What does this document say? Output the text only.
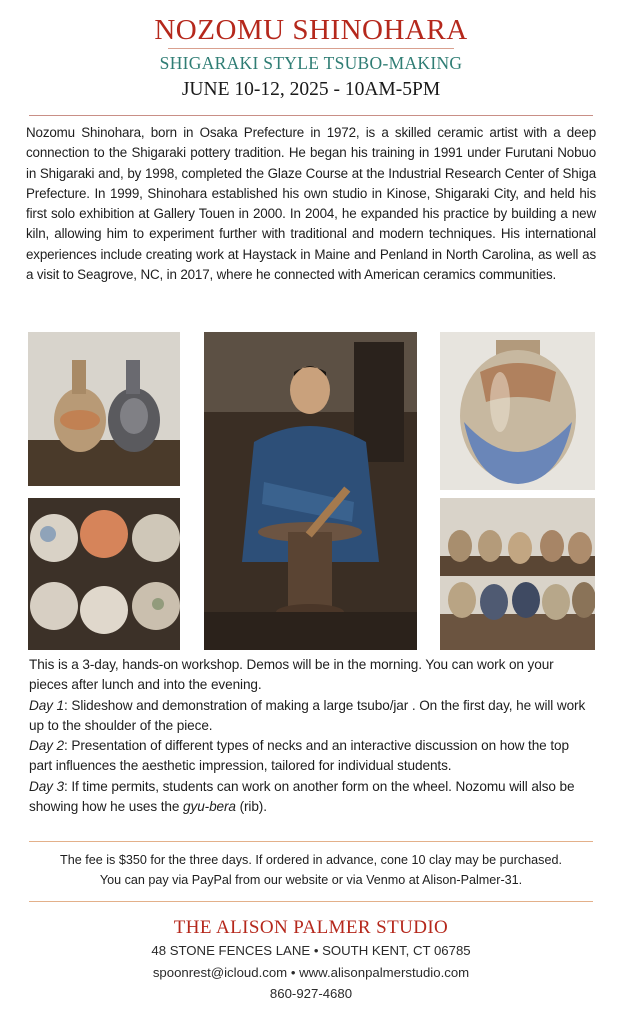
NOZOMU SHINOHARA
SHIGARAKI STYLE TSUBO-MAKING
JUNE 10-12, 2025 - 10AM-5PM

Nozomu Shinohara, born in Osaka Prefecture in 1972, is a skilled ceramic artist with a deep connection to the Shigaraki pottery tradition. He began his training in 1991 under Furutani Nobuo in Shigaraki and, by 1998, completed the Glaze Course at the Industrial Research Center of Shiga Prefecture. In 1999, Shinohara established his own studio in Kinose, Shigaraki City, and held his first solo exhibition at Gallery Touen in 2000. In 2004, he expanded his practice by building a new kiln, allowing him to experiment further with traditional and modern techniques. His international experiences include creating work at Haystack in Maine and Penland in North Carolina, as well as a visit to Seagrove, NC, in 2017, where he connected with American ceramics communities.

This is a 3-day, hands-on workshop. Demos will be in the morning. You can work on your pieces after lunch and into the evening.

Day 1: Slideshow and demonstration of making a large tsubo/jar . On the first day, he will work up to the shoulder of the piece.

Day 2: Presentation of different types of necks and an interactive discussion on how the top part influences the aesthetic impression, tailored for individual students.

Day 3: If time permits, students can work on another form on the wheel. Nozomu will also be showing how he uses the gyu-bera (rib).

The fee is $350 for the three days. If ordered in advance, cone 10 clay may be purchased.
You can pay via PayPal from our website or via Venmo at Alison-Palmer-31.
THE ALISON PALMER STUDIO
48 STONE FENCES LANE • SOUTH KENT, CT 06785
spoonrest@icloud.com • www.alisonpalmerstudio.com
860-927-4680
